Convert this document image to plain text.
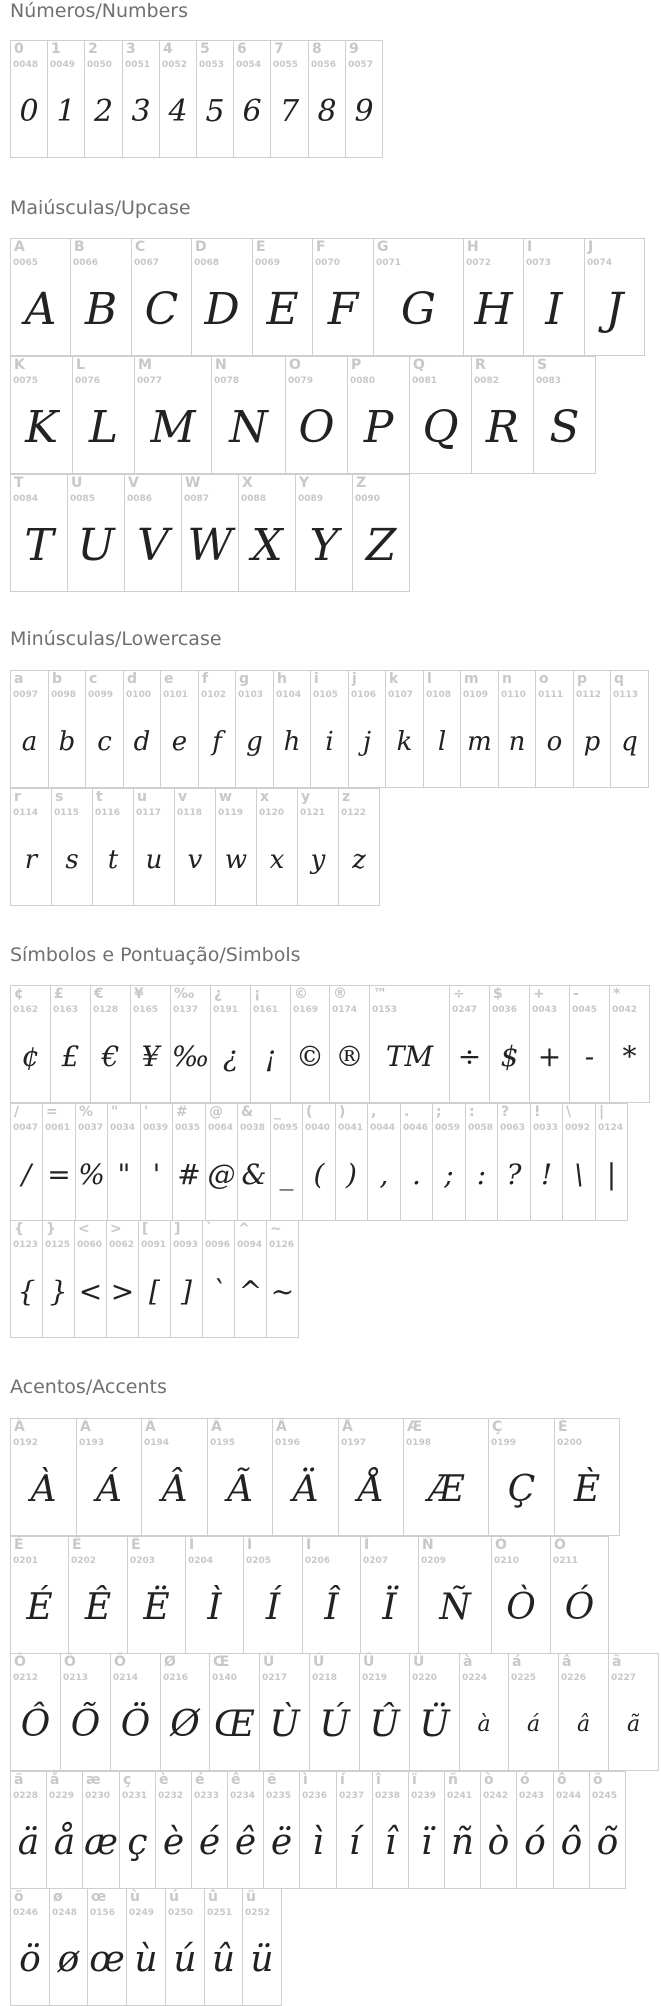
Números/Numbers
0
0048
0
1
0049
1
2
0050
2
3
0051
3
4
0052
4
5
0053
5
6
0054
6
7
0055
7
8
0056
8
9
0057
9
Maiúsculas/Upcase
A
0065
A
B
0066
B
C
0067
C
D
0068
D
E
0069
E
F
0070
F
G
0071
G
H
0072
H
I
0073
I
J
0074
J
K
0075
K
L
0076
L
M
0077
M
N
0078
N
O
0079
O
P
0080
P
Q
0081
Q
R
0082
R
S
0083
S
T
0084
T
U
0085
U
V
0086
V
W
0087
W
X
0088
X
Y
0089
Y
Z
0090
Z
Minúsculas/Lowercase
a
0097
a
b
0098
b
c
0099
c
d
0100
d
e
0101
e
f
0102
f
g
0103
g
h
0104
h
i
0105
i
j
0106
j
k
0107
k
l
0108
l
m
0109
m
n
0110
n
o
0111
o
p
0112
p
q
0113
q
r
0114
r
s
0115
s
t
0116
t
u
0117
u
v
0118
v
w
0119
w
x
0120
x
y
0121
y
z
0122
z
Símbolos e Pontuação/Simbols
¢
0162
¢
£
0163
£
€
0128
€
¥
0165
¥
‰
0137
‰
¿
0191
¿
¡
0161
¡
©
0169
©
®
0174
®
™
0153
TM
÷
0247
÷
$
0036
$
+
0043
+
-
0045
-
*
0042
*
/
0047
/
=
0061
=
%
0037
%
"
0034
"
'
0039
'
#
0035
#
@
0064
@
&
0038
&
_
0095
_
(
0040
(
)
0041
)
,
0044
,
.
0046
.
;
0059
;
:
0058
:
?
0063
?
!
0033
!
\
0092
\
|
0124
|
{
0123
{
}
0125
}
<
0060
<
>
0062
>
[
0091
[
]
0093
]
`
0096
`
^
0094
^
~
0126
~
Acentos/Accents
À
0192
À
Á
0193
Á
Â
0194
Â
Ã
0195
Ã
Ä
0196
Ä
Å
0197
Å
Æ
0198
Æ
Ç
0199
Ç
È
0200
È
É
0201
É
Ê
0202
Ê
Ë
0203
Ë
Ì
0204
Ì
Í
0205
Í
Î
0206
Î
Ï
0207
Ï
Ñ
0209
Ñ
Ò
0210
Ò
Ó
0211
Ó
Ô
0212
Ô
Õ
0213
Õ
Ö
0214
Ö
Ø
0216
Ø
Œ
0140
Œ
Ù
0217
Ù
Ú
0218
Ú
Û
0219
Û
Ü
0220
Ü
à
0224
à
á
0225
á
â
0226
â
ã
0227
ã
ä
0228
ä
å
0229
å
æ
0230
æ
ç
0231
ç
è
0232
è
é
0233
é
ê
0234
ê
ë
0235
ë
ì
0236
ì
í
0237
í
î
0238
î
ï
0239
ï
ñ
0241
ñ
ò
0242
ò
ó
0243
ó
ô
0244
ô
õ
0245
õ
ö
0246
ö
ø
0248
ø
œ
0156
œ
ù
0249
ù
ú
0250
ú
û
0251
û
ü
0252
ü
